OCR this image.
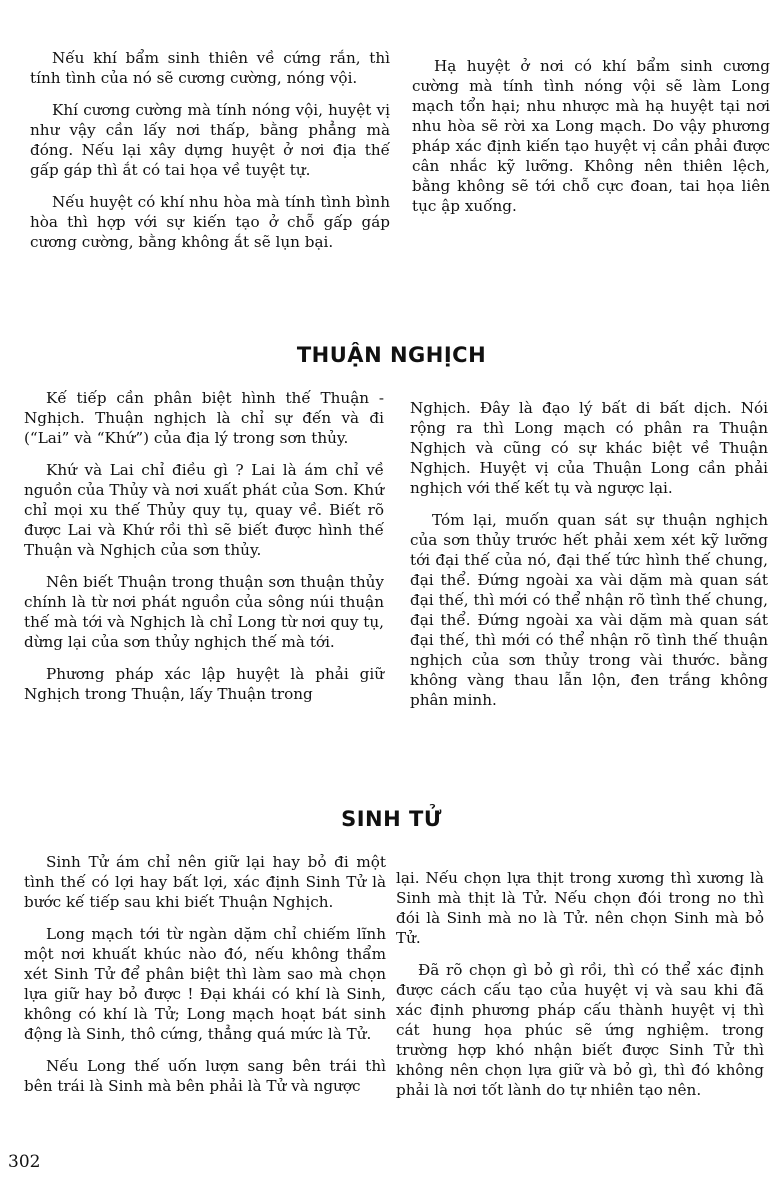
Nếu khí bẩm sinh thiên về cứng rắn, thì tính tình của nó sẽ cương cường, nóng vội.

Khí cương cường mà tính nóng vội, huyệt vị như vậy cần lấy nơi thấp, bằng phẳng mà đóng. Nếu lại xây dựng huyệt ở nơi địa thế gấp gáp thì ắt có tai họa về tuyệt tự.

Nếu huyệt có khí nhu hòa mà tính tình bình hòa thì hợp với sự kiến tạo ở chỗ gấp gáp cương cường, bằng không ắt sẽ lụn bại.

Hạ huyệt ở nơi có khí bẩm sinh cương cường mà tính tình nóng vội sẽ làm Long mạch tổn hại; nhu nhược mà hạ huyệt tại nơi nhu hòa sẽ rời xa Long mạch. Do vậy phương pháp xác định kiến tạo huyệt vị cần phải được cân nhắc kỹ lưỡng. Không nên thiên lệch, bằng không sẽ tới chỗ cực đoan, tai họa liên tục ập xuống.

THUẬN NGHỊCH

Kế tiếp cần phân biệt hình thế Thuận - Nghịch. Thuận nghịch là chỉ sự đến và đi (“Lai” và “Khứ”) của địa lý trong sơn thủy.

Khứ và Lai chỉ điều gì ? Lai là ám chỉ về nguồn của Thủy và nơi xuất phát của Sơn. Khứ chỉ mọi xu thế Thủy quy tụ, quay về. Biết rõ được Lai và Khứ rồi thì sẽ biết được hình thế Thuận và Nghịch của sơn thủy.

Nên biết Thuận trong thuận sơn thuận thủy chính là từ nơi phát nguồn của sông núi thuận thế mà tới và Nghịch là chỉ Long từ nơi quy tụ, dừng lại của sơn thủy nghịch thế mà tới.

Phương pháp xác lập huyệt là phải giữ Nghịch trong Thuận, lấy Thuận trong

Nghịch. Đây là đạo lý bất di bất dịch. Nói rộng ra thì Long mạch có phân ra Thuận Nghịch và cũng có sự khác biệt về Thuận Nghịch. Huyệt vị của Thuận Long cần phải nghịch với thế kết tụ và ngược lại.

Tóm lại, muốn quan sát sự thuận nghịch của sơn thủy trước hết phải xem xét kỹ lưỡng tới đại thế của nó, đại thế tức hình thế chung, đại thể. Đứng ngoài xa vài dặm mà quan sát đại thế, thì mới có thể nhận rõ tình thế chung, đại thể. Đứng ngoài xa vài dặm mà quan sát đại thế, thì mới có thể nhận rõ tình thế thuận nghịch của sơn thủy trong vài thước. bằng không vàng thau lẫn lộn, đen trắng không phân minh.

SINH TỬ

Sinh Tử ám chỉ nên giữ lại hay bỏ đi một tình thế có lợi hay bất lợi, xác định Sinh Tử là bước kế tiếp sau khi biết Thuận Nghịch.

Long mạch tới từ ngàn dặm chỉ chiếm lĩnh một nơi khuất khúc nào đó, nếu không thẩm xét Sinh Tử để phân biệt thì làm sao mà chọn lựa giữ hay bỏ được ! Đại khái có khí là Sinh, không có khí là Tử; Long mạch hoạt bát sinh động là Sinh, thô cứng, thẳng quá mức là Tử.

Nếu Long thế uốn lượn sang bên trái thì bên trái là Sinh mà bên phải là Tử và ngược

lại. Nếu chọn lựa thịt trong xương thì xương là Sinh mà thịt là Tử. Nếu chọn đói trong no thì đói là Sinh mà no là Tử. nên chọn Sinh mà bỏ Tử.

Đã rõ chọn gì bỏ gì rồi, thì có thể xác định được cách cấu tạo của huyệt vị và sau khi đã xác định phương pháp cấu thành huyệt vị thì cát hung họa phúc sẽ ứng nghiệm. trong trường hợp khó nhận biết được Sinh Tử thì không nên chọn lựa giữ và bỏ gì, thì đó không phải là nơi tốt lành do tự nhiên tạo nên.

302
